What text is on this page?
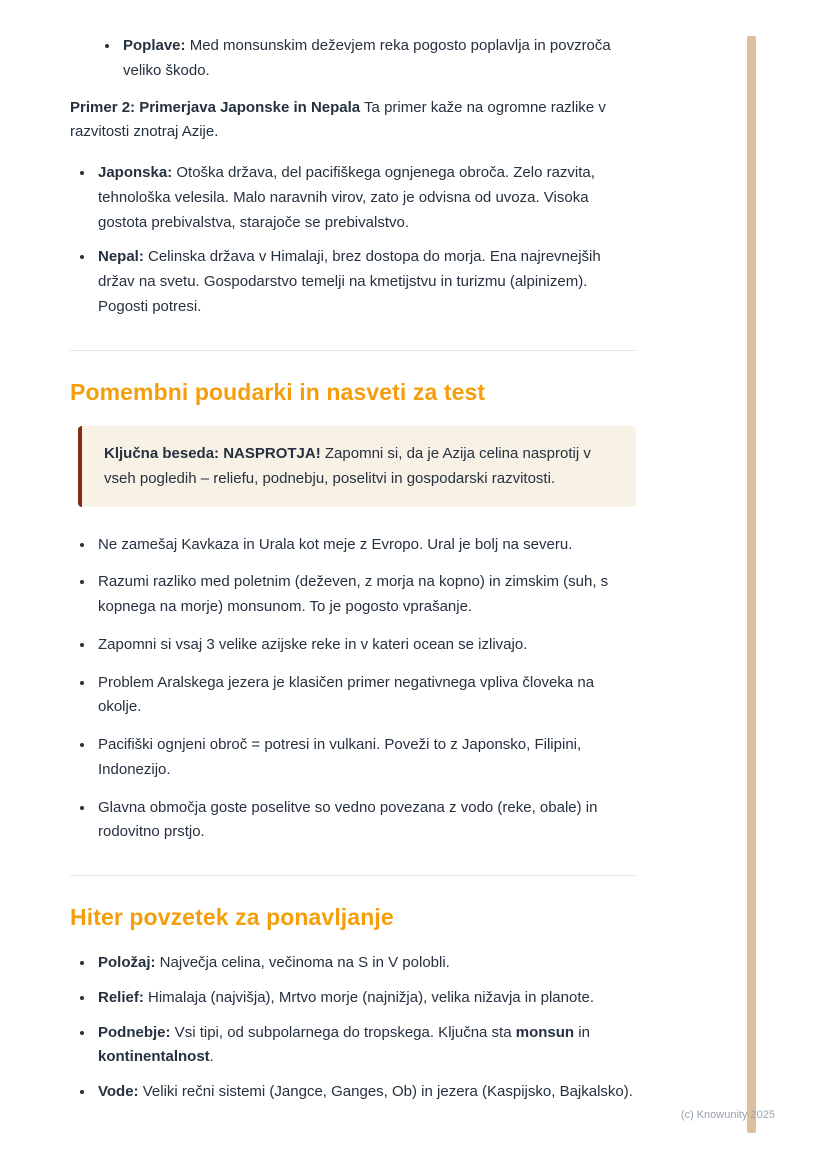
• Poplave: Med monsunskim deževjem reka pogosto poplavlja in povzroča veliko škodo.

Primer 2: Primerjava Japonske in Nepala Ta primer kaže na ogromne razlike v razvitosti znotraj Azije.

• Japonska: Otoška država, del pacifiškega ognjenega obroča. Zelo razvita, tehnološka velesila. Malo naravnih virov, zato je odvisna od uvoza. Visoka gostota prebivalstva, starajoče se prebivalstvo.
• Nepal: Celinska država v Himalaji, brez dostopa do morja. Ena najrevnejših držav na svetu. Gospodarstvo temelji na kmetijstvu in turizmu (alpinizem). Pogosti potresi.
Pomembni poudarki in nasveti za test

Ključna beseda: NASPROTJA! Zapomni si, da je Azija celina nasprotij v vseh pogledih – reliefu, podnebju, poselitvi in gospodarski razvitosti.

• Ne zamešaj Kavkaza in Urala kot meje z Evropo. Ural je bolj na severu.
• Razumi razliko med poletnim (deževen, z morja na kopno) in zimskim (suh, s kopnega na morje) monsunom. To je pogosto vprašanje.
• Zapomni si vsaj 3 velike azijske reke in v kateri ocean se izlivajo.
• Problem Aralskega jezera je klasičen primer negativnega vpliva človeka na okolje.
• Pacifiški ognjeni obroč = potresi in vulkani. Poveži to z Japonsko, Filipini, Indonezijo.
• Glavna območja goste poselitve so vedno povezana z vodo (reke, obale) in rodovitno prstjo.
Hiter povzetek za ponavljanje
• Položaj: Največja celina, večinoma na S in V polobli.
• Relief: Himalaja (najvišja), Mrtvo morje (najnižja), velika nižavja in planote.
• Podnebje: Vsi tipi, od subpolarnega do tropskega. Ključna sta monsun in kontinentalnost.
• Vode: Veliki rečni sistemi (Jangce, Ganges, Ob) in jezera (Kaspijsko, Bajkalsko).
(c) Knowunity 2025
